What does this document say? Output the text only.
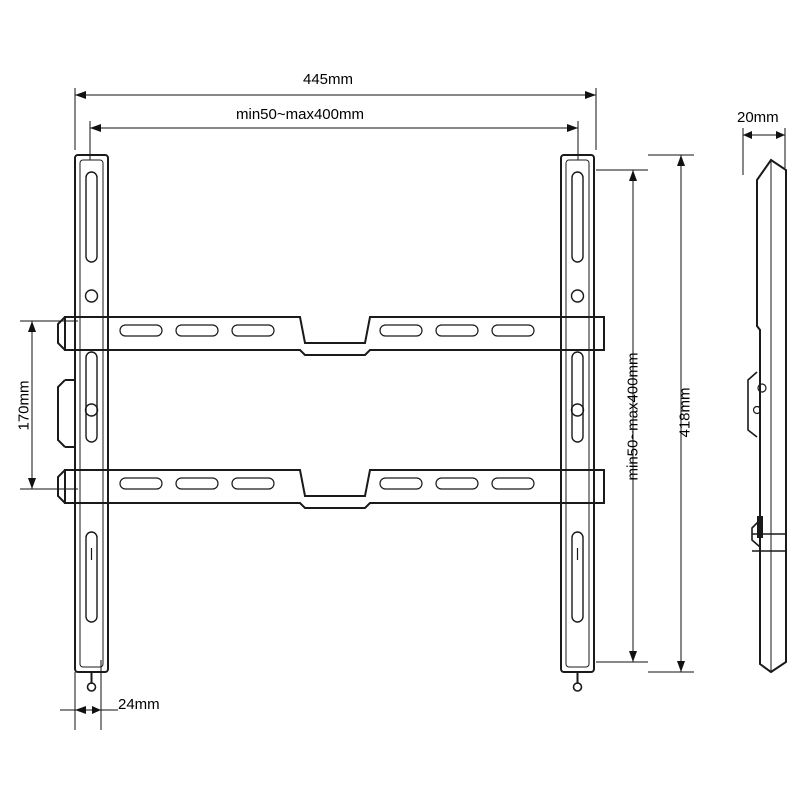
445mm
min50~max400mm
170mm	min50~max400mm 418mm
24mm
20mm
